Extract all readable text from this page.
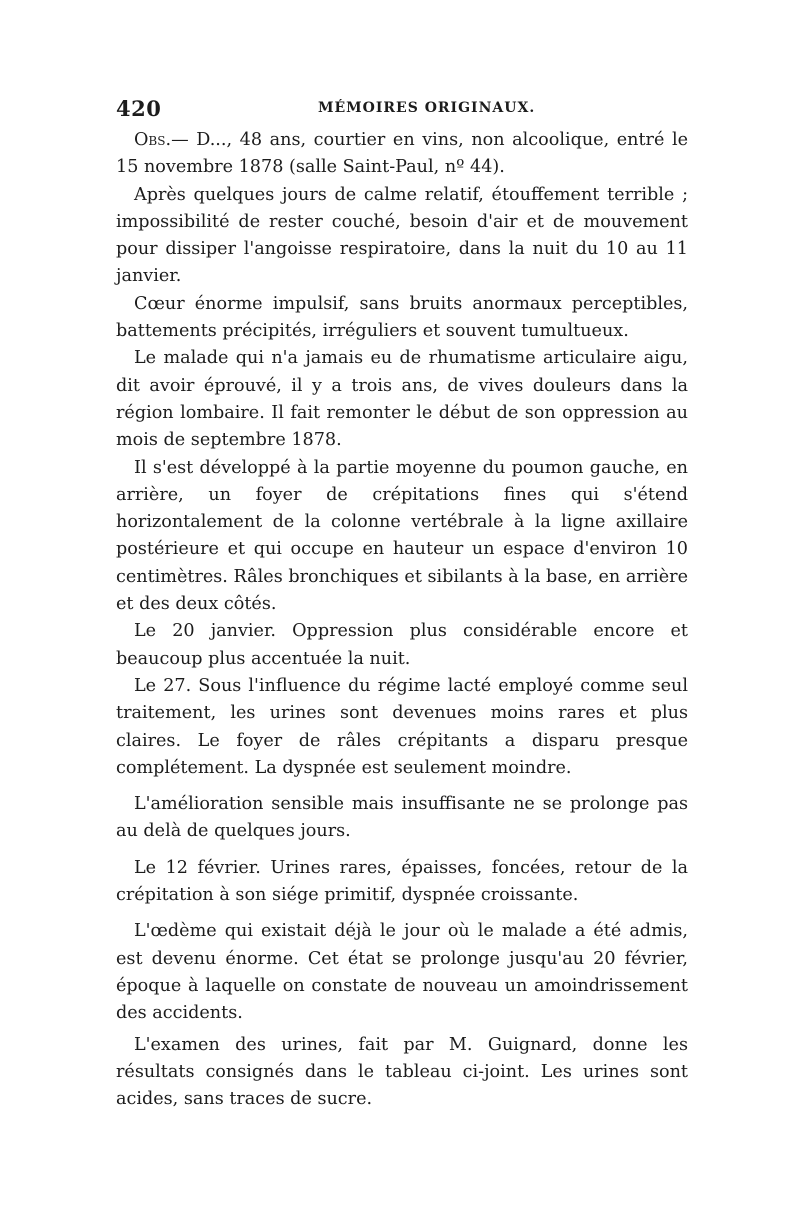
420	MÉMOIRES ORIGINAUX.

Obs.— D..., 48 ans, courtier en vins, non alcoolique, entré le 15 novembre 1878 (salle Saint-Paul, nº 44).

Après quelques jours de calme relatif, étouffement terrible ; impossibilité de rester couché, besoin d'air et de mouvement pour dissiper l'angoisse respiratoire, dans la nuit du 10 au 11 janvier.

Cœur énorme impulsif, sans bruits anormaux perceptibles, battements précipités, irréguliers et souvent tumultueux.

Le malade qui n'a jamais eu de rhumatisme articulaire aigu, dit avoir éprouvé, il y a trois ans, de vives douleurs dans la région lombaire. Il fait remonter le début de son oppression au mois de septembre 1878.

Il s'est développé à la partie moyenne du poumon gauche, en arrière, un foyer de crépitations fines qui s'étend horizontalement de la colonne vertébrale à la ligne axillaire postérieure et qui occupe en hauteur un espace d'environ 10 centimètres. Râles bronchiques et sibilants à la base, en arrière et des deux côtés.

Le 20 janvier. Oppression plus considérable encore et beaucoup plus accentuée la nuit.

Le 27. Sous l'influence du régime lacté employé comme seul traitement, les urines sont devenues moins rares et plus claires. Le foyer de râles crépitants a disparu presque complétement. La dyspnée est seulement moindre.

L'amélioration sensible mais insuffisante ne se prolonge pas au delà de quelques jours.

Le 12 février. Urines rares, épaisses, foncées, retour de la crépitation à son siége primitif, dyspnée croissante.

L'œdème qui existait déjà le jour où le malade a été admis, est devenu énorme. Cet état se prolonge jusqu'au 20 février, époque à laquelle on constate de nouveau un amoindrissement des accidents.

L'examen des urines, fait par M. Guignard, donne les résultats consignés dans le tableau ci-joint. Les urines sont acides, sans traces de sucre.
